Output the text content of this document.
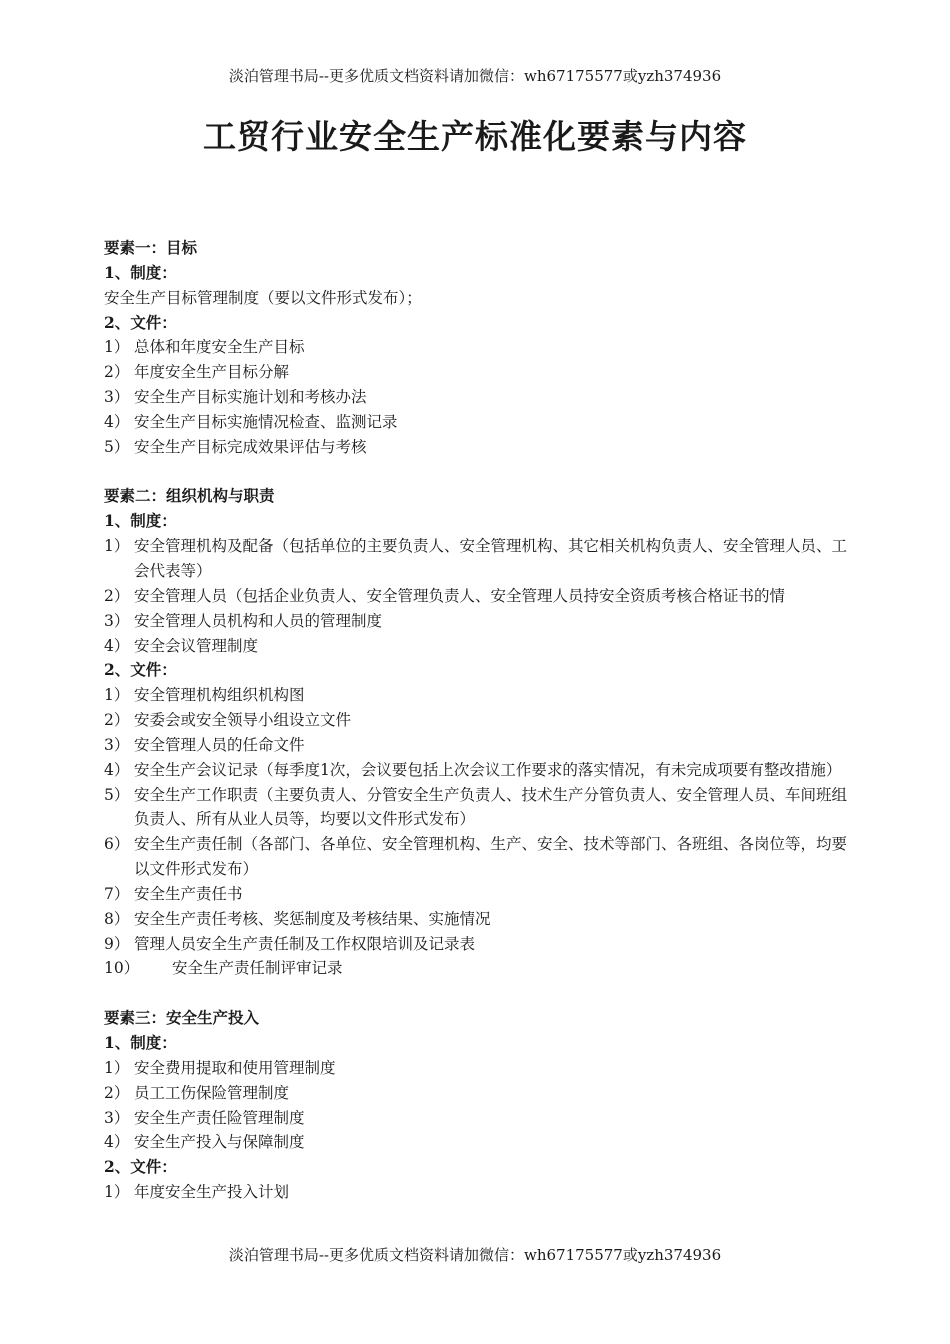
淡泊管理书局--更多优质文档资料请加微信：wh67175577或yzh374936
工贸行业安全生产标准化要素与内容

要素一：目标

1、制度：

安全生产目标管理制度（要以文件形式发布）；

2、文件：

1） 总体和年度安全生产目标
2） 年度安全生产目标分解
3） 安全生产目标实施计划和考核办法
4） 安全生产目标实施情况检查、监测记录
5） 安全生产目标完成效果评估与考核

要素二：组织机构与职责

1、制度：

1） 安全管理机构及配备（包括单位的主要负责人、安全管理机构、其它相关机构负责人、安全管理人员、工会代表等）
2） 安全管理人员（包括企业负责人、安全管理负责人、安全管理人员持安全资质考核合格证书的情
3） 安全管理人员机构和人员的管理制度
4） 安全会议管理制度

2、文件：

1） 安全管理机构组织机构图
2） 安委会或安全领导小组设立文件
3） 安全管理人员的任命文件
4） 安全生产会议记录（每季度1次，会议要包括上次会议工作要求的落实情况，有未完成项要有整改措施）
5） 安全生产工作职责（主要负责人、分管安全生产负责人、技术生产分管负责人、安全管理人员、车间班组负责人、所有从业人员等，均要以文件形式发布）
6） 安全生产责任制（各部门、各单位、安全管理机构、生产、安全、技术等部门、各班组、各岗位等，均要以文件形式发布）
7） 安全生产责任书
8） 安全生产责任考核、奖惩制度及考核结果、实施情况
9） 管理人员安全生产责任制及工作权限培训及记录表
10）	安全生产责任制评审记录

要素三：安全生产投入

1、制度：

1） 安全费用提取和使用管理制度
2） 员工工伤保险管理制度
3） 安全生产责任险管理制度
4） 安全生产投入与保障制度

2、文件：

1） 年度安全生产投入计划
淡泊管理书局--更多优质文档资料请加微信：wh67175577或yzh374936
